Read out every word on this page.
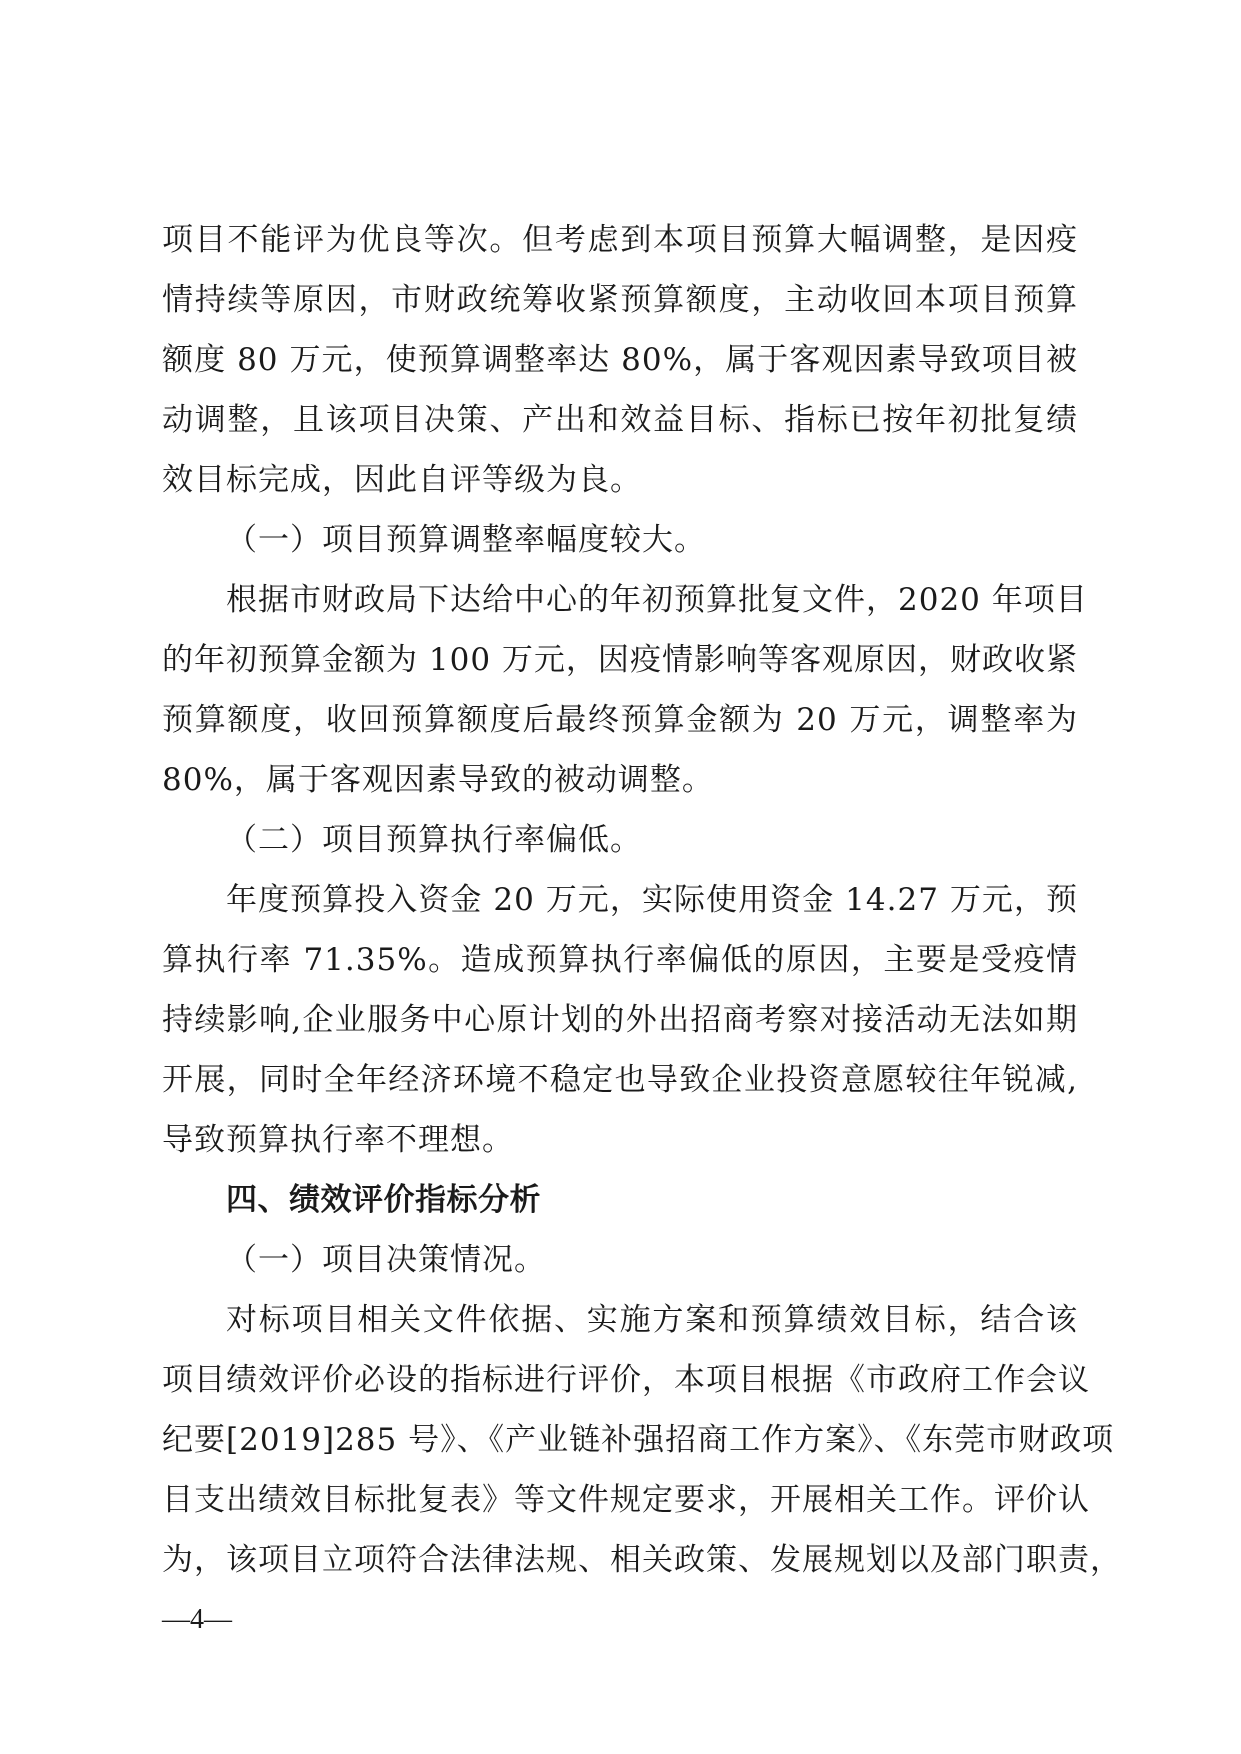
项目不能评为优良等次。但考虑到本项目预算大幅调整，是因疫
情持续等原因，市财政统筹收紧预算额度，主动收回本项目预算
额度 80 万元，使预算调整率达 80%，属于客观因素导致项目被
动调整，且该项目决策、产出和效益目标、指标已按年初批复绩
效目标完成，因此自评等级为良。
（一）项目预算调整率幅度较大。
根据市财政局下达给中心的年初预算批复文件，2020 年项目
的年初预算金额为 100 万元，因疫情影响等客观原因，财政收紧
预算额度，收回预算额度后最终预算金额为 20 万元，调整率为
80%，属于客观因素导致的被动调整。
（二）项目预算执行率偏低。
年度预算投入资金 20 万元，实际使用资金 14.27 万元，预
算执行率 71.35%。造成预算执行率偏低的原因，主要是受疫情
持续影响,企业服务中心原计划的外出招商考察对接活动无法如期
开展，同时全年经济环境不稳定也导致企业投资意愿较往年锐减,
导致预算执行率不理想。
四、绩效评价指标分析
（一）项目决策情况。
对标项目相关文件依据、实施方案和预算绩效目标，结合该
项目绩效评价必设的指标进行评价，本项目根据《市政府工作会议
纪要[2019]285 号》、《产业链补强招商工作方案》、《东莞市财政项
目支出绩效目标批复表》等文件规定要求，开展相关工作。评价认
为，该项目立项符合法律法规、相关政策、发展规划以及部门职责，
—4—
